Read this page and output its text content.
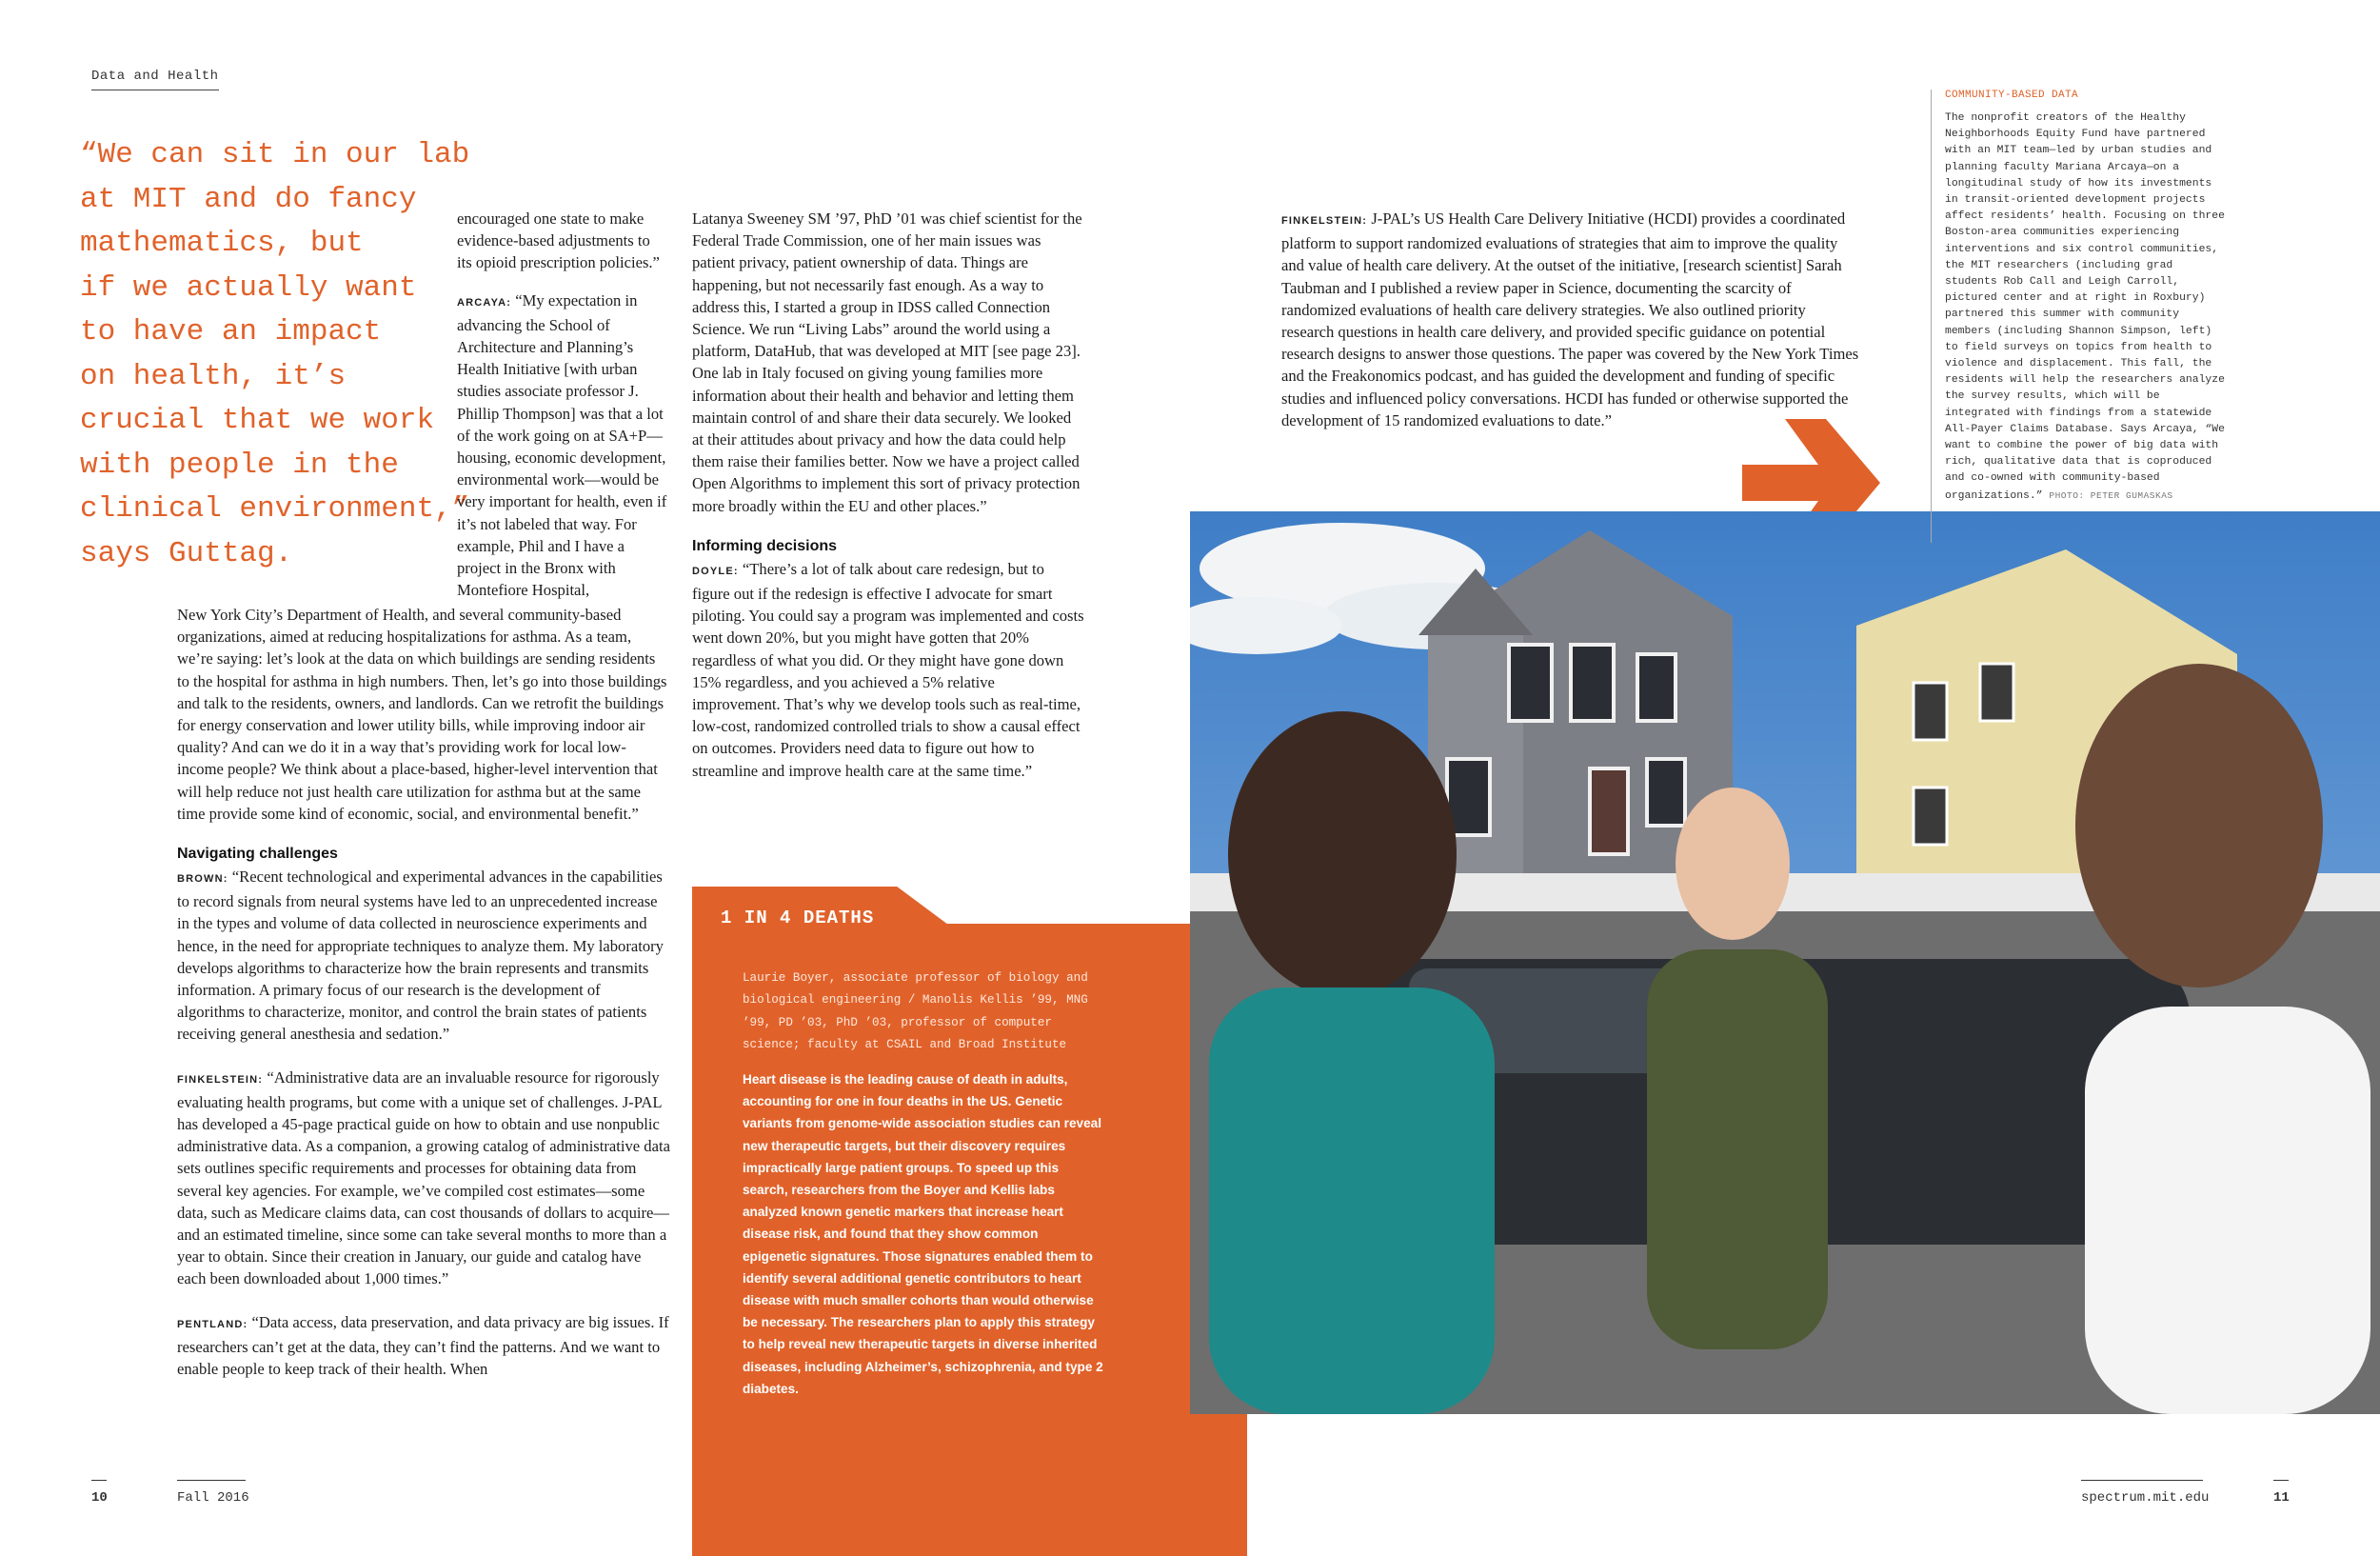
Data and Health
“We can sit in our lab
at MIT and do fancy
mathematics, but
if we actually want
to have an impact
on health, it’s
crucial that we work
with people in the
clinical environment,”
says Guttag.

encouraged one state to make evidence-based adjustments to its opioid prescription policies.”

ARCAYA: “My expectation in advancing the School of Architecture and Planning’s Health Initiative [with urban studies associate professor J. Phillip Thompson] was that a lot of the work going on at SA+P—housing, economic development, environmental work—would be very important for health, even if it’s not labeled that way. For example, Phil and I have a project in the Bronx with Montefiore Hospital,

New York City’s Department of Health, and several community-based organizations, aimed at reducing hospitalizations for asthma. As a team, we’re saying: let’s look at the data on which buildings are sending residents to the hospital for asthma in high numbers. Then, let’s go into those buildings and talk to the residents, owners, and landlords. Can we retrofit the buildings for energy conservation and lower utility bills, while improving indoor air quality? And can we do it in a way that’s providing work for local low-income people? We think about a place-based, higher-level intervention that will help reduce not just health care utilization for asthma but at the same time provide some kind of economic, social, and environmental benefit.”

Navigating challenges

BROWN: “Recent technological and experimental advances in the capabilities to record signals from neural systems have led to an unprecedented increase in the types and volume of data collected in neuroscience experiments and hence, in the need for appropriate techniques to analyze them. My laboratory develops algorithms to characterize how the brain represents and transmits information. A primary focus of our research is the development of algorithms to characterize, monitor, and control the brain states of patients receiving general anesthesia and sedation.”

FINKELSTEIN: “Administrative data are an invaluable resource for rigorously evaluating health programs, but come with a unique set of challenges. J-PAL has developed a 45-page practical guide on how to obtain and use nonpublic administrative data. As a companion, a growing catalog of administrative data sets outlines specific requirements and processes for obtaining data from several key agencies. For example, we’ve compiled cost estimates—some data, such as Medicare claims data, can cost thousands of dollars to acquire—and an estimated timeline, since some can take several months to more than a year to obtain. Since their creation in January, our guide and catalog have each been downloaded about 1,000 times.”

PENTLAND: “Data access, data preservation, and data privacy are big issues. If researchers can’t get at the data, they can’t find the patterns. And we want to enable people to keep track of their health. When

Latanya Sweeney SM ’97, PhD ’01 was chief scientist for the Federal Trade Commission, one of her main issues was patient privacy, patient ownership of data. Things are happening, but not necessarily fast enough. As a way to address this, I started a group in IDSS called Connection Science. We run “Living Labs” around the world using a platform, DataHub, that was developed at MIT [see page 23]. One lab in Italy focused on giving young families more information about their health and behavior and letting them maintain control of and share their data securely. We looked at their attitudes about privacy and how the data could help them raise their families better. Now we have a project called Open Algorithms to implement this sort of privacy protection more broadly within the EU and other places.”

Informing decisions

DOYLE: “There’s a lot of talk about care redesign, but to figure out if the redesign is effective I advocate for smart piloting. You could say a program was implemented and costs went down 20%, but you might have gotten that 20% regardless of what you did. Or they might have gone down 15% regardless, and you achieved a 5% relative improvement. That’s why we develop tools such as real-time, low-cost, randomized controlled trials to show a causal effect on outcomes. Providers need data to figure out how to streamline and improve health care at the same time.”

1 IN 4 DEATHS
Laurie Boyer, associate professor of biology and biological engineering / Manolis Kellis ’99, MNG ’99, PD ’03, PhD ’03, professor of computer science; faculty at CSAIL and Broad Institute
Heart disease is the leading cause of death in adults, accounting for one in four deaths in the US. Genetic variants from genome-wide association studies can reveal new therapeutic targets, but their discovery requires impractically large patient groups. To speed up this search, researchers from the Boyer and Kellis labs analyzed known genetic markers that increase heart disease risk, and found that they show common epigenetic signatures. Those signatures enabled them to identify several additional genetic contributors to heart disease with much smaller cohorts than would otherwise be necessary. The researchers plan to apply this strategy to help reveal new therapeutic targets in diverse inherited diseases, including Alzheimer’s, schizophrenia, and type 2 diabetes.

FINKELSTEIN: J-PAL’s US Health Care Delivery Initiative (HCDI) provides a coordinated platform to support randomized evaluations of strategies that aim to improve the quality and value of health care delivery. At the outset of the initiative, [research scientist] Sarah Taubman and I published a review paper in Science, documenting the scarcity of randomized evaluations of health care delivery strategies. We also outlined priority research questions in health care delivery, and provided specific guidance on potential research designs to answer those questions. The paper was covered by the New York Times and the Freakonomics podcast, and has guided the development and funding of specific studies and influenced policy conversations. HCDI has funded or otherwise supported the development of 15 randomized evaluations to date.”

COMMUNITY-BASED DATA
The nonprofit creators of the Healthy Neighborhoods Equity Fund have partnered with an MIT team—led by urban studies and planning faculty Mariana Arcaya—on a longitudinal study of how its investments in transit-oriented development projects affect residents’ health. Focusing on three Boston-area communities experiencing interventions and six control communities, the MIT researchers (including grad students Rob Call and Leigh Carroll, pictured center and at right in Roxbury) partnered this summer with community members (including Shannon Simpson, left) to field surveys on topics from health to violence and displacement. This fall, the residents will help the researchers analyze the survey results, which will be integrated with findings from a statewide All-Payer Claims Database. Says Arcaya, “We want to combine the power of big data with rich, qualitative data that is coproduced and co-owned with community-based organizations.” PHOTO: PETER GUMASKAS
10	Fall 2016	spectrum.mit.edu	11
